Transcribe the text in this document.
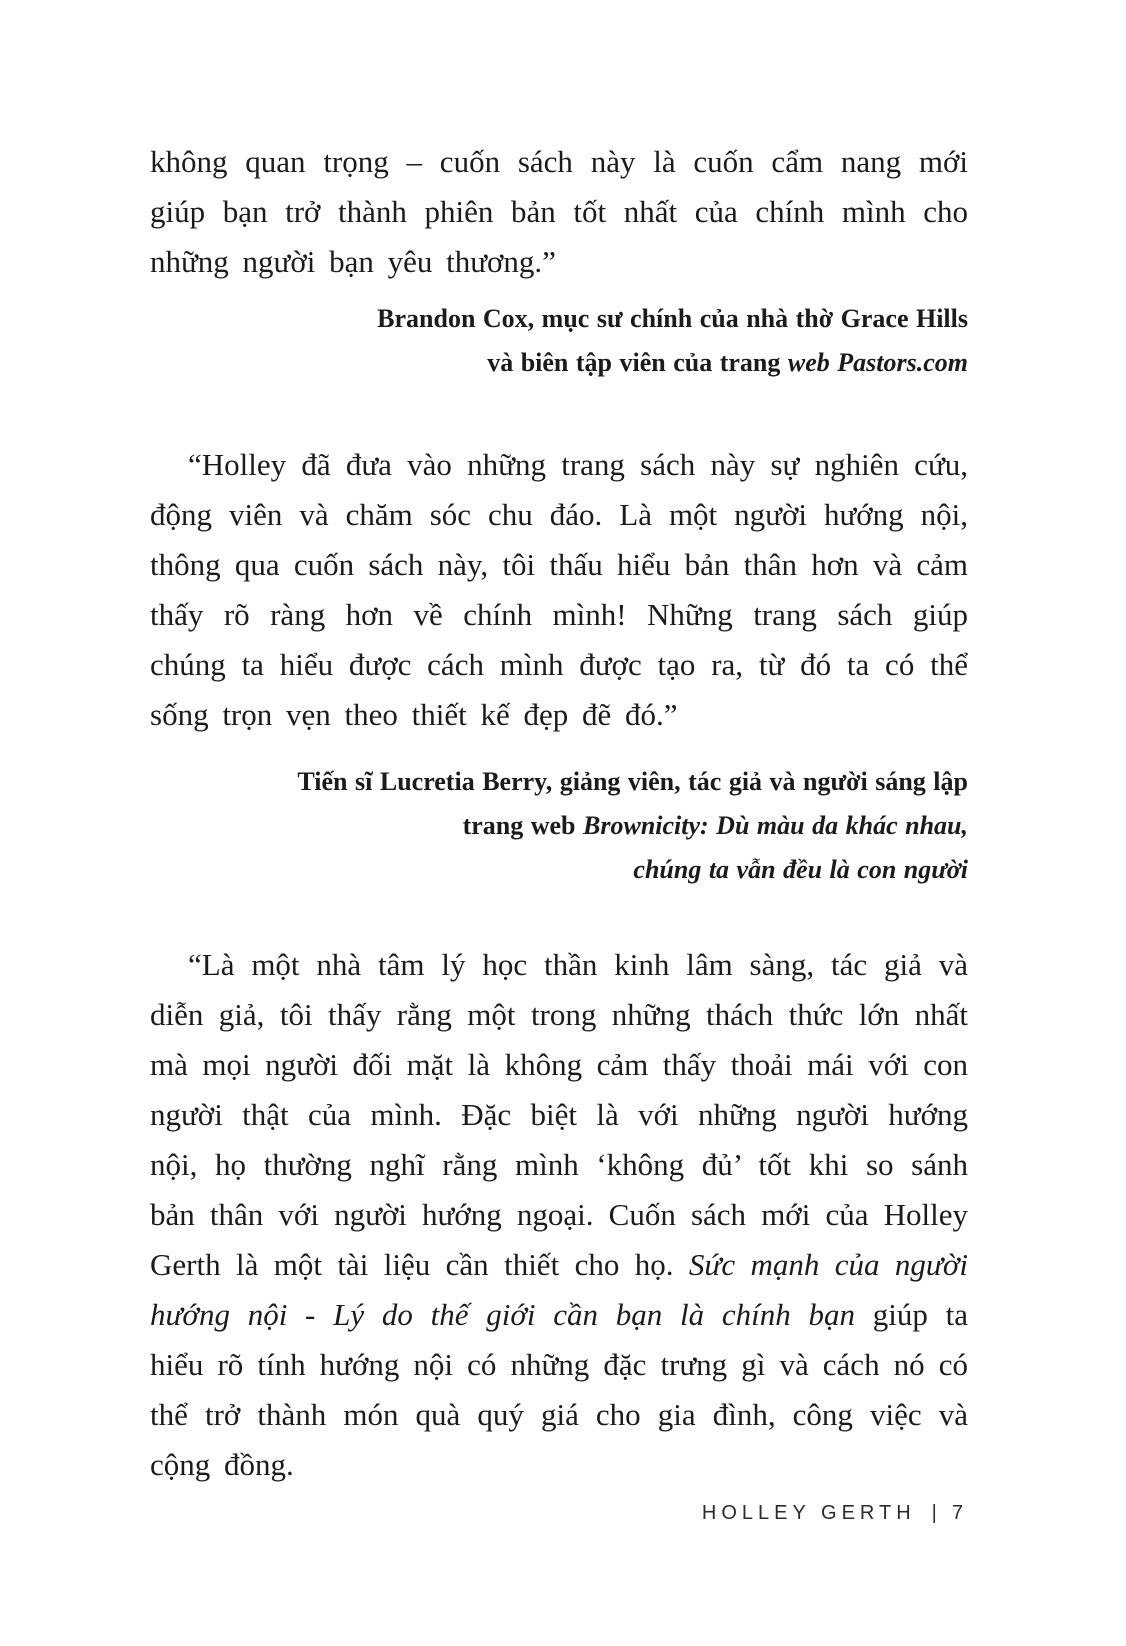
không quan trọng – cuốn sách này là cuốn cẩm nang mới giúp bạn trở thành phiên bản tốt nhất của chính mình cho những người bạn yêu thương.”

Brandon Cox, mục sư chính của nhà thờ Grace Hills
và biên tập viên của trang web Pastors.com

“Holley đã đưa vào những trang sách này sự nghiên cứu, động viên và chăm sóc chu đáo. Là một người hướng nội, thông qua cuốn sách này, tôi thấu hiểu bản thân hơn và cảm thấy rõ ràng hơn về chính mình! Những trang sách giúp chúng ta hiểu được cách mình được tạo ra, từ đó ta có thể sống trọn vẹn theo thiết kế đẹp đẽ đó.”

Tiến sĩ Lucretia Berry, giảng viên, tác giả và người sáng lập
trang web Brownicity: Dù màu da khác nhau,
chúng ta vẫn đều là con người

“Là một nhà tâm lý học thần kinh lâm sàng, tác giả và diễn giả, tôi thấy rằng một trong những thách thức lớn nhất mà mọi người đối mặt là không cảm thấy thoải mái với con người thật của mình. Đặc biệt là với những người hướng nội, họ thường nghĩ rằng mình ‘không đủ’ tốt khi so sánh bản thân với người hướng ngoại. Cuốn sách mới của Holley Gerth là một tài liệu cần thiết cho họ. Sức mạnh của người hướng nội - Lý do thế giới cần bạn là chính bạn giúp ta hiểu rõ tính hướng nội có những đặc trưng gì và cách nó có thể trở thành món quà quý giá cho gia đình, công việc và cộng đồng.

HOLLEY GERTH | 7
